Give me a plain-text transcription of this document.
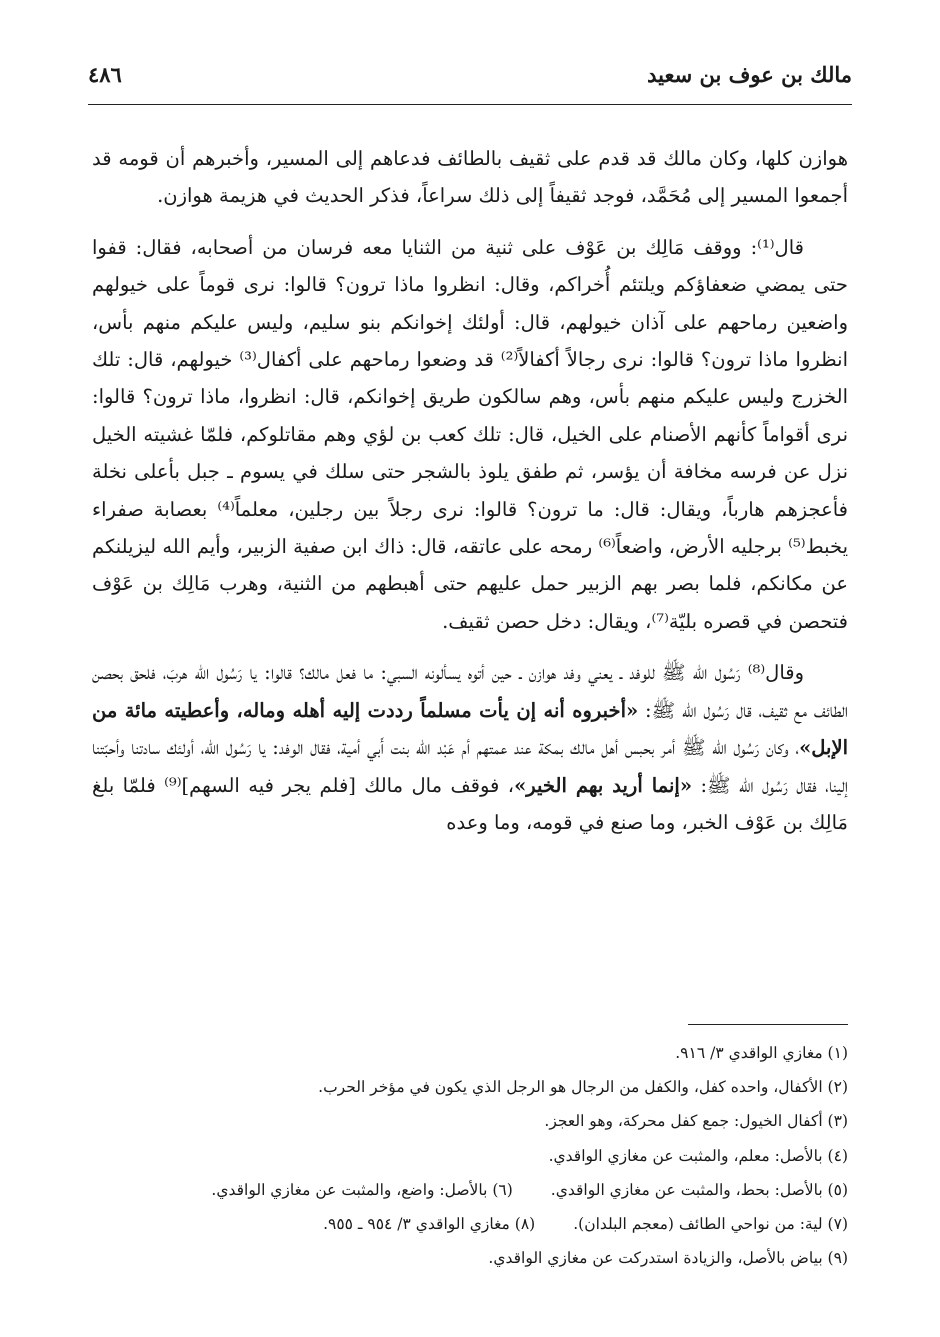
مالك بن عوف بن سعيد
٤٨٦

هوازن كلها، وكان مالك قد قدم على ثقيف بالطائف فدعاهم إلى المسير، وأخبرهم أن قومه قد أجمعوا المسير إلى مُحَمَّد، فوجد ثقيفاً إلى ذلك سراعاً، فذكر الحديث في هزيمة هوازن.

قال⁽¹⁾: ووقف مَالِك بن عَوْف على ثنية من الثنايا معه فرسان من أصحابه، فقال: قفوا حتى يمضي ضعفاؤكم ويلتئم أُخراكم، وقال: انظروا ماذا ترون؟ قالوا: نرى قوماً على خيولهم واضعين رماحهم على آذان خيولهم، قال: أولئك إخوانكم بنو سليم، وليس عليكم منهم بأس، انظروا ماذا ترون؟ قالوا: نرى رجالاً أكفالاً⁽²⁾ قد وضعوا رماحهم على أكفال⁽³⁾ خيولهم، قال: تلك الخزرج وليس عليكم منهم بأس، وهم سالكون طريق إخوانكم، قال: انظروا، ماذا ترون؟ قالوا: نرى أقواماً كأنهم الأصنام على الخيل، قال: تلك كعب بن لؤي وهم مقاتلوكم، فلمّا غشيته الخيل نزل عن فرسه مخافة أن يؤسر، ثم طفق يلوذ بالشجر حتى سلك في يسوم ـ جبل بأعلى نخلة فأعجزهم هارباً، ويقال: قال: ما ترون؟ قالوا: نرى رجلاً بين رجلين، معلماً⁽⁴⁾ بعصابة صفراء يخبط⁽⁵⁾ برجليه الأرض، واضعاً⁽⁶⁾ رمحه على عاتقه، قال: ذاك ابن صفية الزبير، وأيم الله ليزيلنكم عن مكانكم، فلما بصر بهم الزبير حمل عليهم حتى أهبطهم من الثنية، وهرب مَالِك بن عَوْف فتحصن في قصره بليّة⁽⁷⁾، ويقال: دخل حصن ثقيف.

وقال⁽⁸⁾ رَسُول الله ﷺ للوفد ـ يعني وفد هوازن ـ حين أتوه يسألونه السبي: ما فعل مالك؟ قالوا: يا رَسُول الله هربَ، فلحق بحصن الطائف مع ثقيف، قال رَسُول الله ﷺ: «أخبروه أنه إن يأت مسلماً رددت إليه أهله وماله، وأعطيته مائة من الإبل»، وكان رَسُول الله ﷺ أمر بحبس أهل مالك بمكة عند عمتهم أم عَبْد اللّه بنت أَبي أمية، فقال الوفد: يا رَسُول الله، أولئك سادتنا وأحبّتنا إلينا، فقال رَسُول الله ﷺ: «إنما أريد بهم الخير»، فوقف مال مالك [فلم يجر فيه السهم]⁽⁹⁾ فلمّا بلغ مَالِك بن عَوْف الخبر، وما صنع في قومه، وما وعده

(١) مغازي الواقدي ٣/ ٩١٦.
(٢) الأكفال، واحده كفل، والكفل من الرجال هو الرجل الذي يكون في مؤخر الحرب.
(٣) أكفال الخيول: جمع كفل محركة، وهو العجز.
(٤) بالأصل: معلم، والمثبت عن مغازي الواقدي.
(٥) بالأصل: بحط، والمثبت عن مغازي الواقدي.
(٦) بالأصل: واضع، والمثبت عن مغازي الواقدي.
(٧) لية: من نواحي الطائف (معجم البلدان).
(٨) مغازي الواقدي ٣/ ٩٥٤ ـ ٩٥٥.
(٩) بياض بالأصل، والزيادة استدركت عن مغازي الواقدي.
